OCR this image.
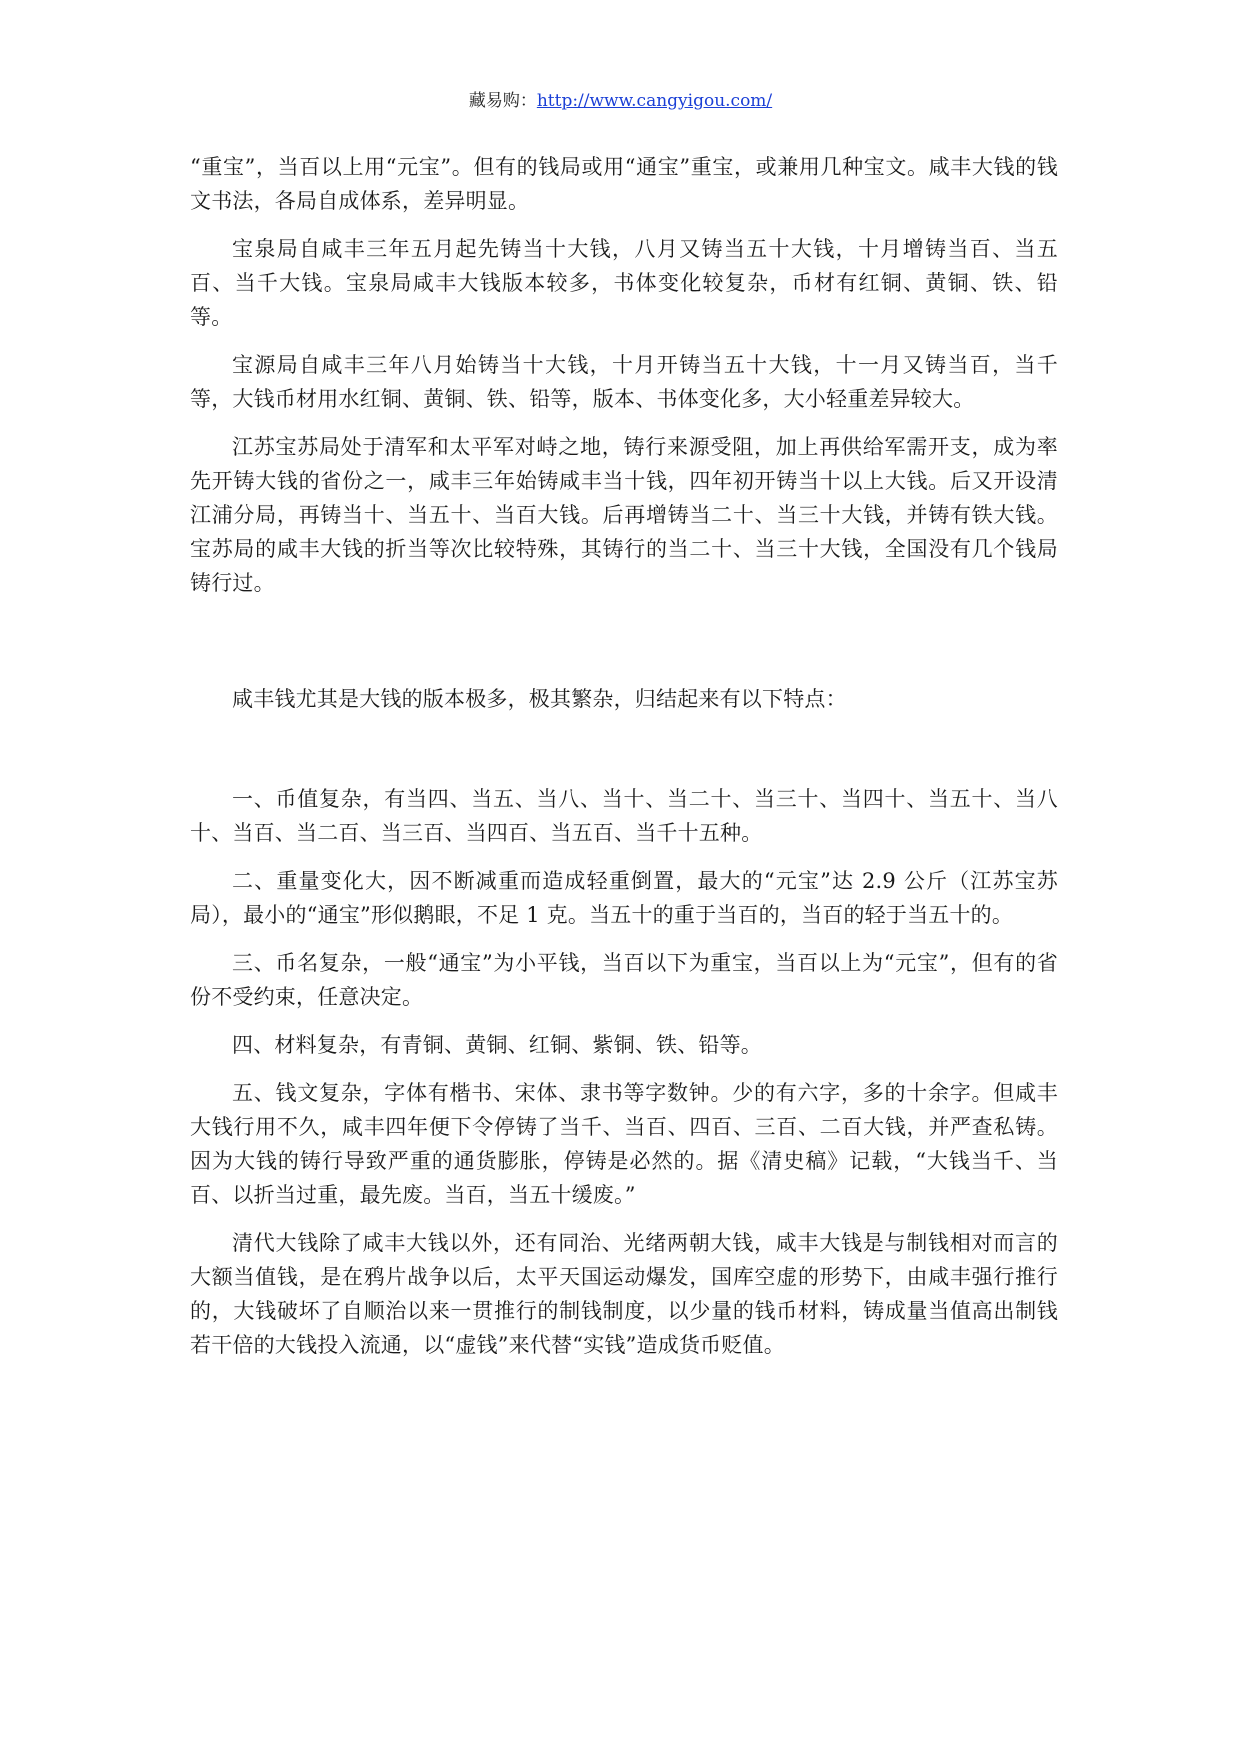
藏易购：http://www.cangyigou.com/

“重宝”，当百以上用“元宝”。但有的钱局或用“通宝”重宝，或兼用几种宝文。咸丰大钱的钱文书法，各局自成体系，差异明显。

宝泉局自咸丰三年五月起先铸当十大钱，八月又铸当五十大钱，十月增铸当百、当五百、当千大钱。宝泉局咸丰大钱版本较多，书体变化较复杂，币材有红铜、黄铜、铁、铅等。

宝源局自咸丰三年八月始铸当十大钱，十月开铸当五十大钱，十一月又铸当百，当千等，大钱币材用水红铜、黄铜、铁、铅等，版本、书体变化多，大小轻重差异较大。

江苏宝苏局处于清军和太平军对峙之地，铸行来源受阻，加上再供给军需开支，成为率先开铸大钱的省份之一，咸丰三年始铸咸丰当十钱，四年初开铸当十以上大钱。后又开设清江浦分局，再铸当十、当五十、当百大钱。后再增铸当二十、当三十大钱，并铸有铁大钱。宝苏局的咸丰大钱的折当等次比较特殊，其铸行的当二十、当三十大钱，全国没有几个钱局铸行过。

咸丰钱尤其是大钱的版本极多，极其繁杂，归结起来有以下特点：

一、币值复杂，有当四、当五、当八、当十、当二十、当三十、当四十、当五十、当八十、当百、当二百、当三百、当四百、当五百、当千十五种。

二、重量变化大，因不断减重而造成轻重倒置，最大的“元宝”达 2.9 公斤（江苏宝苏局），最小的“通宝”形似鹅眼，不足 1 克。当五十的重于当百的，当百的轻于当五十的。

三、币名复杂，一般“通宝”为小平钱，当百以下为重宝，当百以上为“元宝”，但有的省份不受约束，任意决定。

四、材料复杂，有青铜、黄铜、红铜、紫铜、铁、铅等。

五、钱文复杂，字体有楷书、宋体、隶书等字数钟。少的有六字，多的十余字。但咸丰大钱行用不久，咸丰四年便下令停铸了当千、当百、四百、三百、二百大钱，并严查私铸。因为大钱的铸行导致严重的通货膨胀，停铸是必然的。据《清史稿》记载，“大钱当千、当百、以折当过重，最先废。当百，当五十缓废。”

清代大钱除了咸丰大钱以外，还有同治、光绪两朝大钱，咸丰大钱是与制钱相对而言的大额当值钱，是在鸦片战争以后，太平天国运动爆发，国库空虚的形势下，由咸丰强行推行的，大钱破坏了自顺治以来一贯推行的制钱制度，以少量的钱币材料，铸成量当值高出制钱若干倍的大钱投入流通，以“虚钱”来代替“实钱”造成货币贬值。
